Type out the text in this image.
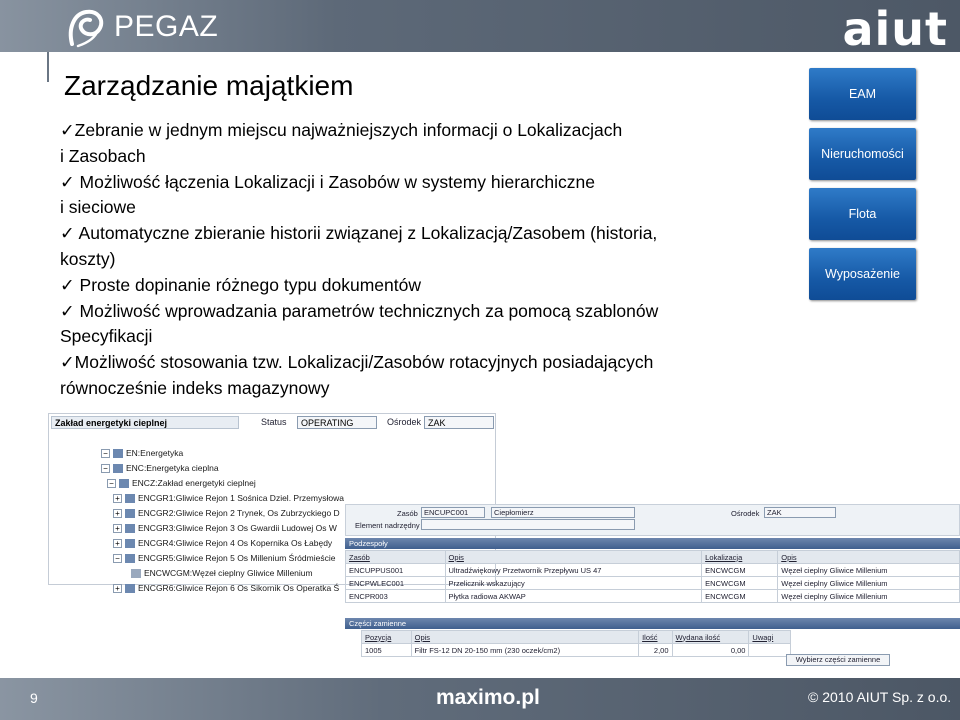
PEGAZ	aiut
Zarządzanie majątkiem
✓Zebranie w jednym miejscu najważniejszych informacji o Lokalizacjach
i Zasobach
✓ Możliwość łączenia Lokalizacji i Zasobów w systemy hierarchiczne
i sieciowe
✓ Automatyczne zbieranie historii związanej z Lokalizacją/Zasobem (historia,
koszty)
✓ Proste dopinanie różnego typu dokumentów
✓ Możliwość wprowadzania parametrów technicznych za pomocą szablonów
Specyfikacji
✓Możliwość stosowania tzw. Lokalizacji/Zasobów rotacyjnych posiadających
równocześnie indeks magazynowy
EAM
Nieruchomości
Flota
Wyposażenie
Zakład energetyki cieplnej	Status	OPERATING	Ośrodek ZAK
− EN:Energetyka
− ENC:Energetyka cieplna
− ENCZ:Zakład energetyki cieplnej
+ ENCGR1:Gliwice Rejon 1 Sośnica Dziel. Przemysłowa
+ ENCGR2:Gliwice Rejon 2 Trynek, Os Zubrzyckiego D
+ ENCGR3:Gliwice Rejon 3 Os Gwardii Ludowej Os W
+ ENCGR4:Gliwice Rejon 4 Os Kopernika Os Łabędy
− ENCGR5:Gliwice Rejon 5 Os Millenium Śródmieście
ENCWCGM:Węzeł cieplny Gliwice Millenium
+ ENCGR6:Gliwice Rejon 6 Os Sikornik Os Operatka Ś
Zasób ENCUPC001	Ciepłomierz	Ośrodek	ZAK
Element nadrzędny
Podzespoły
Zasób	Opis	Lokalizacja	Opis
ENCUPPUS001	Ultradźwiękowy Przetwornik Przepływu US 47	ENCWCGM	Węzeł cieplny Gliwice Millenium
ENCPWLEC001	Przelicznik wskazujący	ENCWCGM	Węzeł cieplny Gliwice Millenium
ENCPR003	Płytka radiowa AKWAP	ENCWCGM	Węzeł cieplny Gliwice Millenium
Części zamienne
Pozycja	Opis	Ilość	Wydana ilość	Uwagi
1005	Filtr FS-12 DN 20-150 mm (230 oczek/cm2)	2,00	0,00	
Wybierz części zamienne
9	maximo.pl	© 2010 AIUT Sp. z o.o.
